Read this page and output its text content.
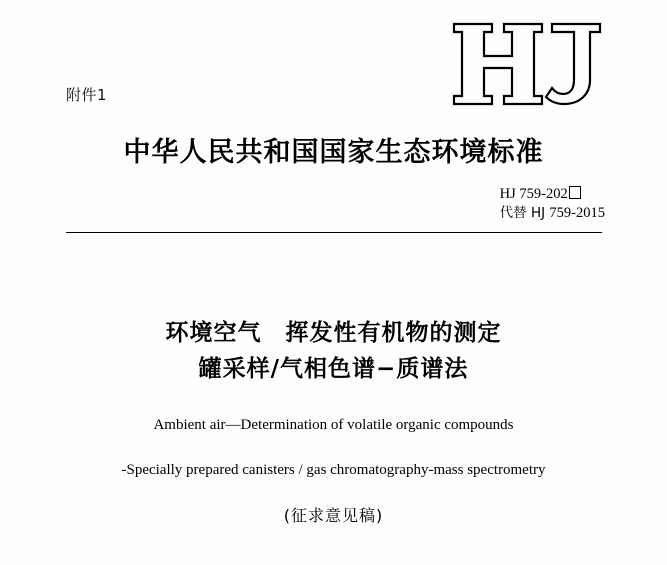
附件1
中华人民共和国国家生态环境标准
HJ 759-202
代替 HJ 759-2015
环境空气 挥发性有机物的测定
罐采样/气相色谱−质谱法
Ambient air—Determination of volatile organic compounds
-Specially prepared canisters / gas chromatography-mass spectrometry
(征求意见稿)
